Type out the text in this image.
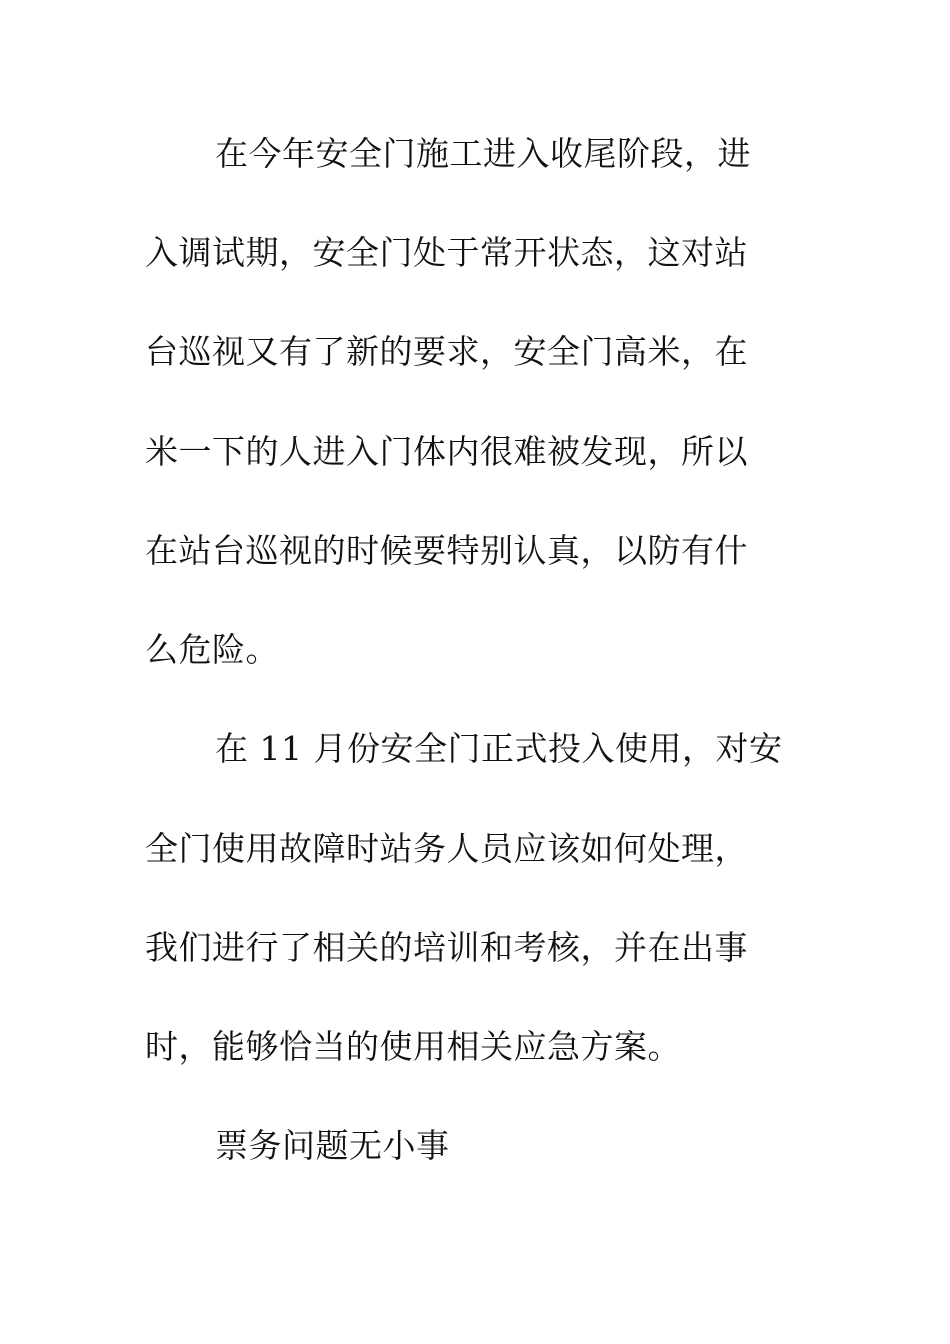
在今年安全门施工进入收尾阶段，进
入调试期，安全门处于常开状态，这对站
台巡视又有了新的要求，安全门高米，在
米一下的人进入门体内很难被发现，所以
在站台巡视的时候要特别认真，以防有什
么危险。
在 11 月份安全门正式投入使用，对安
全门使用故障时站务人员应该如何处理，
我们进行了相关的培训和考核，并在出事
时，能够恰当的使用相关应急方案。
票务问题无小事
